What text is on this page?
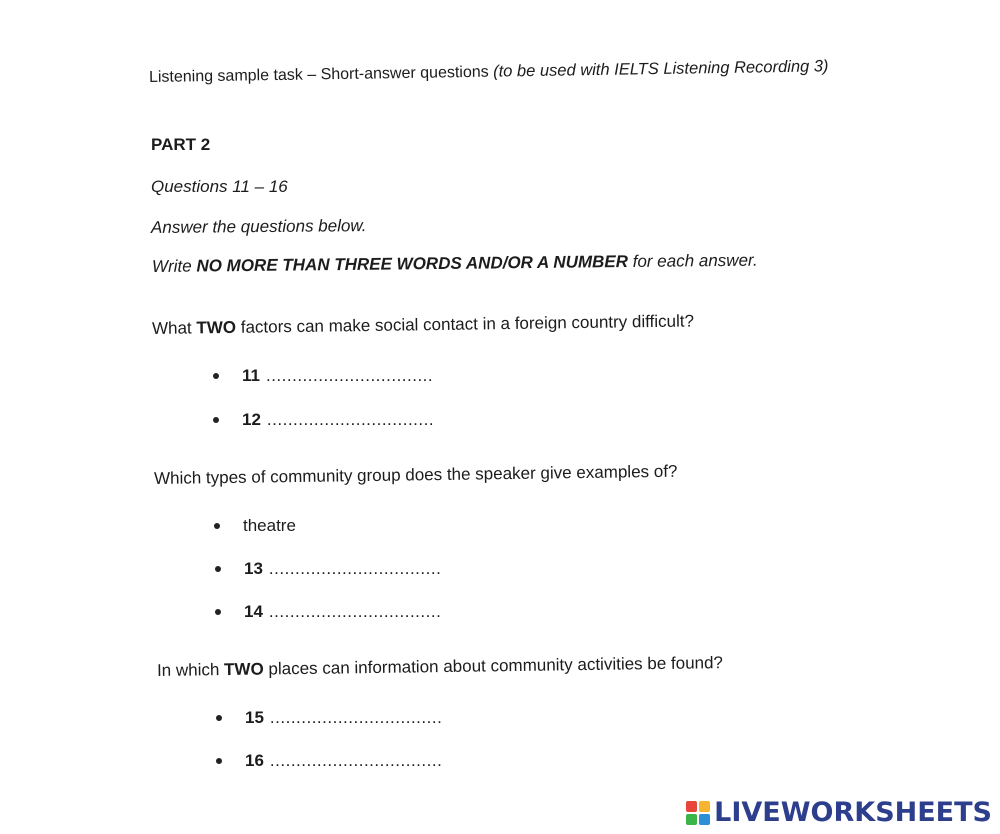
Listening sample task – Short-answer questions (to be used with IELTS Listening Recording 3)
PART 2
Questions 11 – 16
Answer the questions below.
Write NO MORE THAN THREE WORDS AND/OR A NUMBER for each answer.
What TWO factors can make social contact in a foreign country difficult?
11 ................................
12 ................................
Which types of community group does the speaker give examples of?
theatre
13 .................................
14 .................................
In which TWO places can information about community activities be found?
15 .................................
16 .................................
LIVEWORKSHEETS
